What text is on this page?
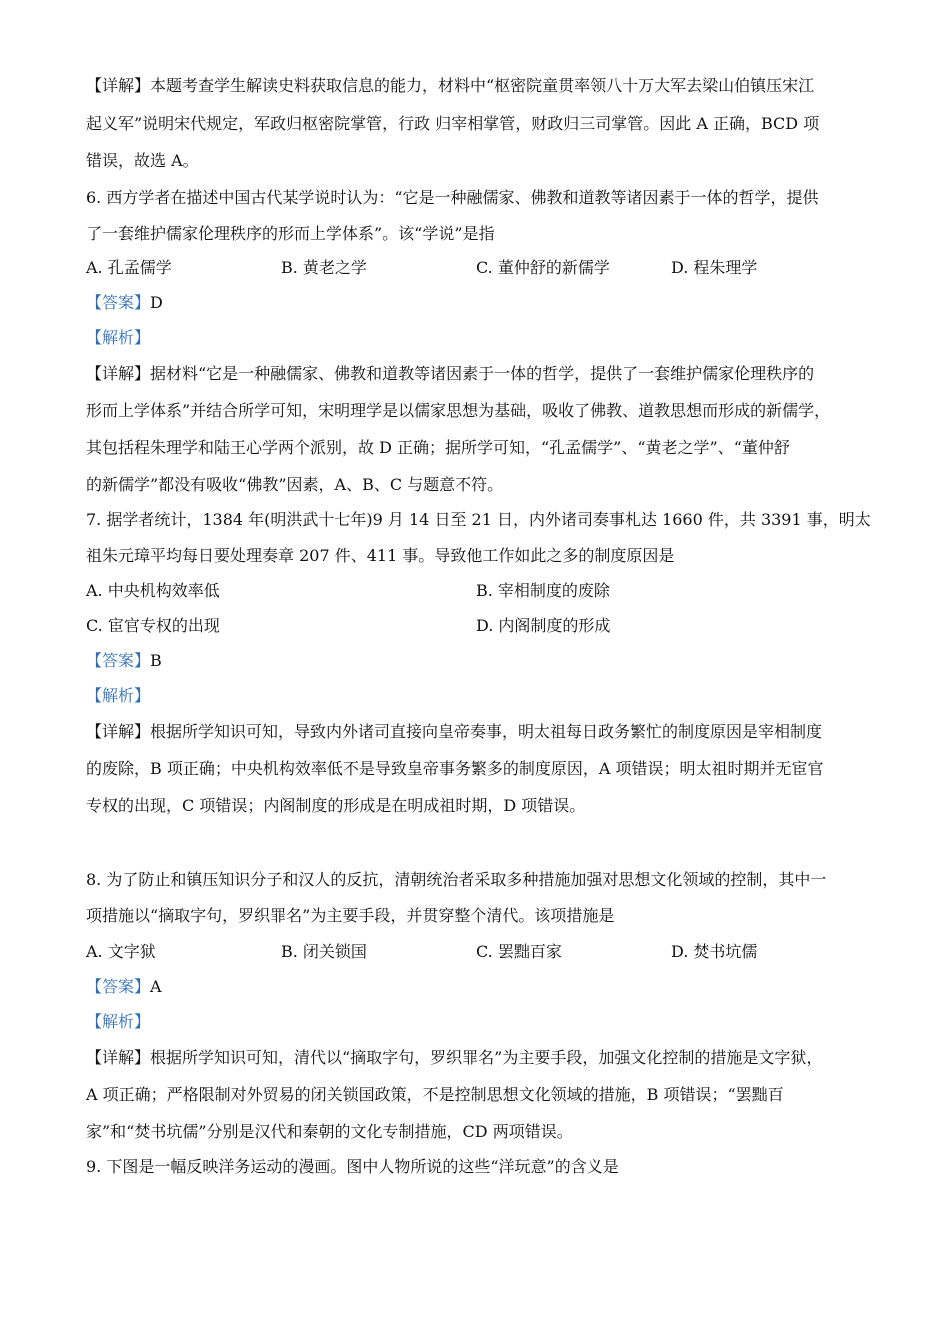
【详解】本题考查学生解读史料获取信息的能力，材料中“枢密院童贯率领八十万大军去梁山伯镇压宋江
起义军”说明宋代规定，军政归枢密院掌管，行政 归宰相掌管，财政归三司掌管。因此 A 正确，BCD 项
错误，故选 A。
6. 西方学者在描述中国古代某学说时认为：“它是一种融儒家、佛教和道教等诸因素于一体的哲学，提供
了一套维护儒家伦理秩序的形而上学体系”。该“学说”是指
A. 孔孟儒学	B. 黄老之学	C. 董仲舒的新儒学	D. 程朱理学
【答案】D
【解析】
【详解】据材料“它是一种融儒家、佛教和道教等诸因素于一体的哲学，提供了一套维护儒家伦理秩序的
形而上学体系”并结合所学可知，宋明理学是以儒家思想为基础，吸收了佛教、道教思想而形成的新儒学，
其包括程朱理学和陆王心学两个派别，故 D 正确；据所学可知，“孔孟儒学”、“黄老之学”、“董仲舒
的新儒学”都没有吸收“佛教”因素，A、B、C 与题意不符。
7. 据学者统计，1384 年(明洪武十七年)9 月 14 日至 21 日，内外诸司奏事札达 1660 件，共 3391 事，明太
祖朱元璋平均每日要处理奏章 207 件、411 事。导致他工作如此之多的制度原因是
A. 中央机构效率低	B. 宰相制度的废除
C. 宦官专权的出现	D. 内阁制度的形成
【答案】B
【解析】
【详解】根据所学知识可知，导致内外诸司直接向皇帝奏事，明太祖每日政务繁忙的制度原因是宰相制度
的废除，B 项正确；中央机构效率低不是导致皇帝事务繁多的制度原因，A 项错误；明太祖时期并无宦官
专权的出现，C 项错误；内阁制度的形成是在明成祖时期，D 项错误。
8. 为了防止和镇压知识分子和汉人的反抗，清朝统治者采取多种措施加强对思想文化领域的控制，其中一
项措施以“摘取字句，罗织罪名”为主要手段，并贯穿整个清代。该项措施是
A. 文字狱	B. 闭关锁国	C. 罢黜百家	D. 焚书坑儒
【答案】A
【解析】
【详解】根据所学知识可知，清代以“摘取字句，罗织罪名”为主要手段，加强文化控制的措施是文字狱，
A 项正确；严格限制对外贸易的闭关锁国政策，不是控制思想文化领域的措施，B 项错误；“罢黜百
家”和“焚书坑儒”分别是汉代和秦朝的文化专制措施，CD 两项错误。
9. 下图是一幅反映洋务运动的漫画。图中人物所说的这些“洋玩意”的含义是
